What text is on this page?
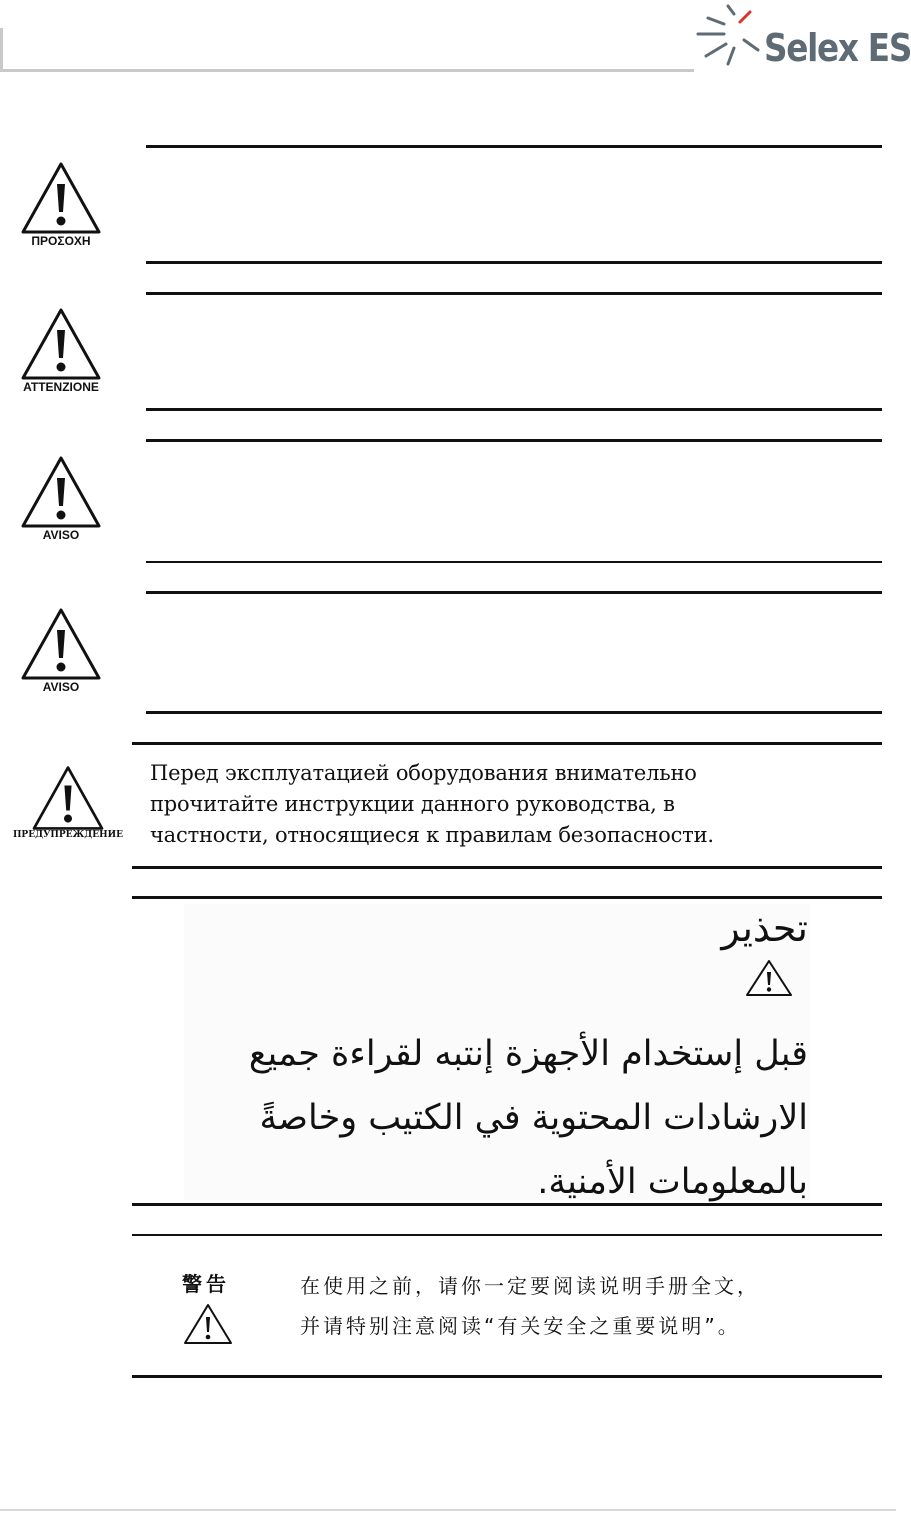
Selex ES
ΠΡΟΣΟΧΗ
ATTENZIONE
AVISO
AVISO
ПРЕДУПРЕЖДЕНИЕ
Перед эксплуатацией оборудования внимательно
прочитайте инструкции данного руководства, в
частности, относящиеся к правилам безопасности.
تحذير
قبل إستخدام الأجهزة إنتبه لقراءة جميع
الارشادات المحتوية في الكتيب وخاصةً
بالمعلومات الأمنية.
警告	在使用之前，请你一定要阅读说明手册全文，
并请特别注意阅读“有关安全之重要说明”。
